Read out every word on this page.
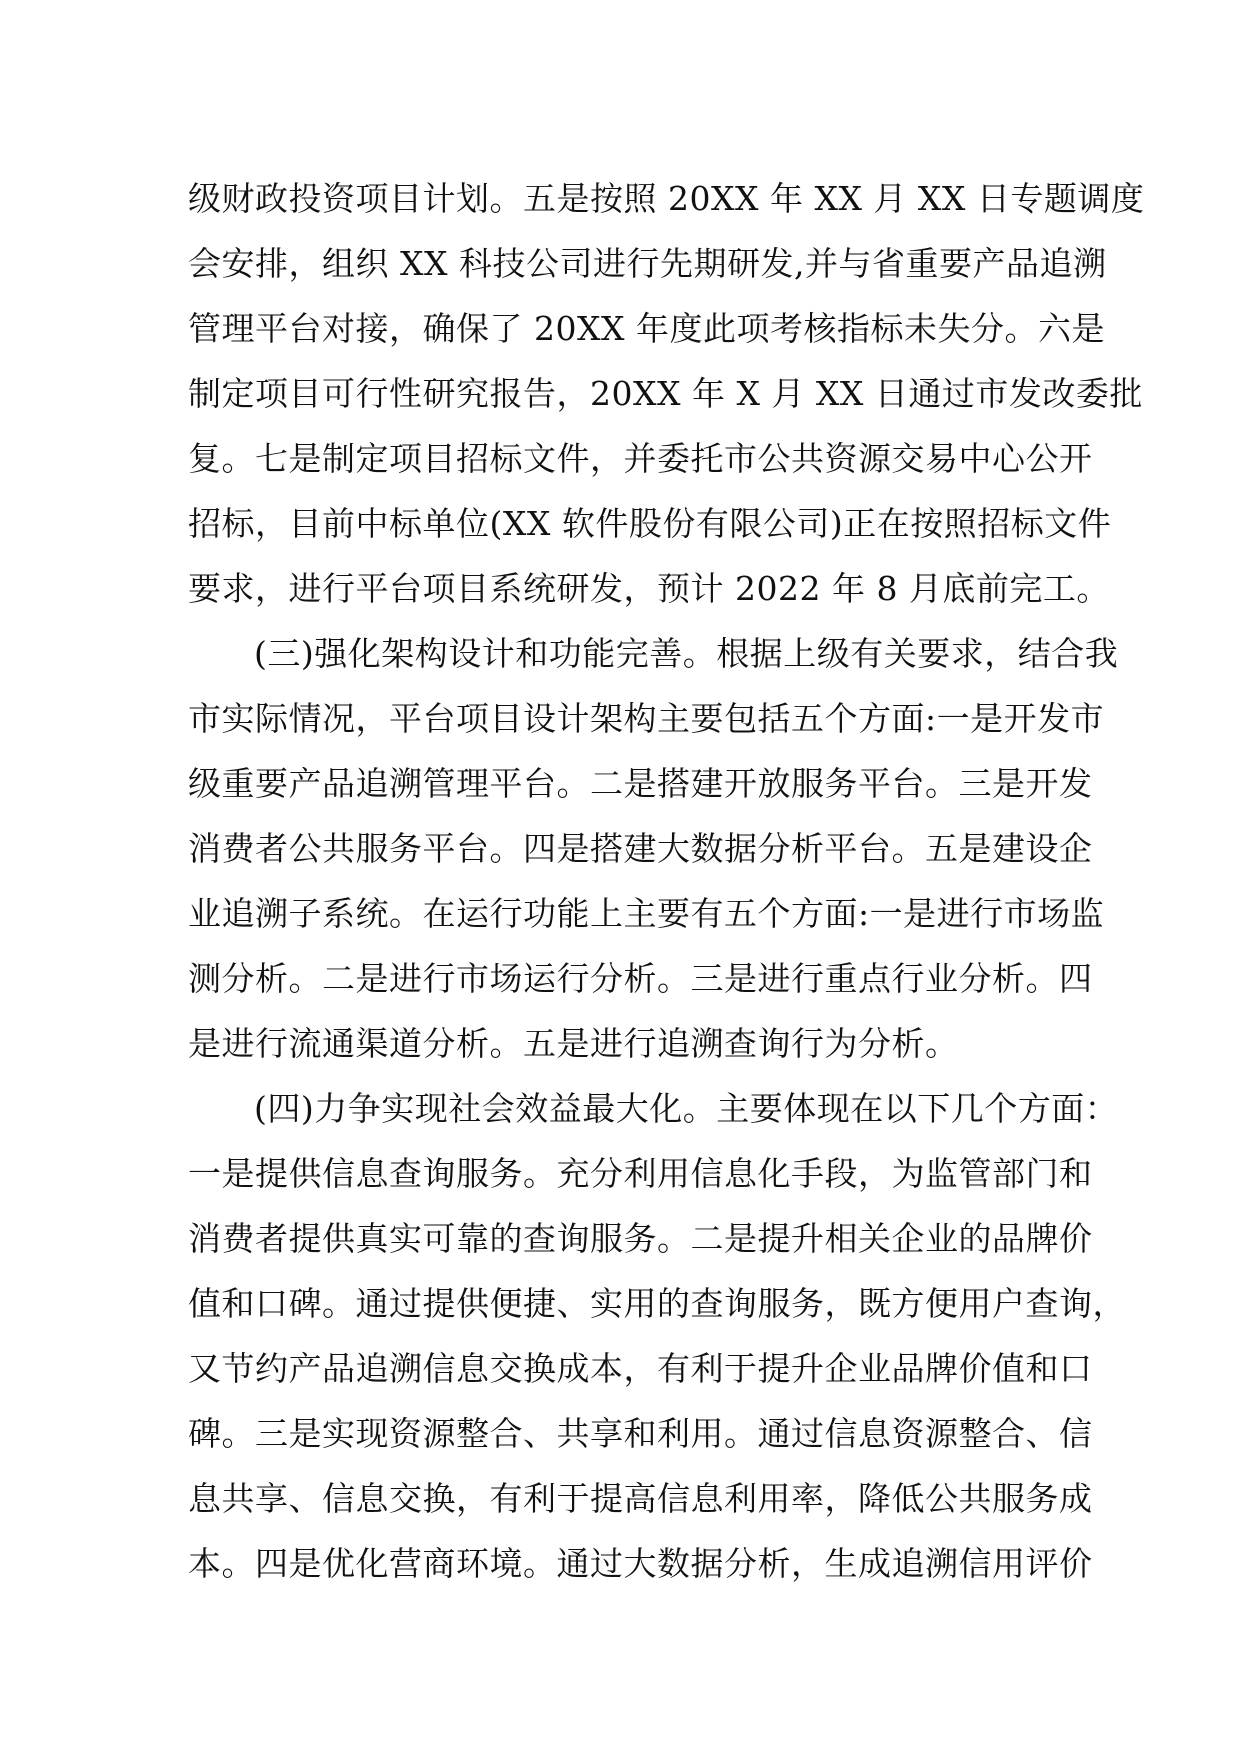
级财政投资项目计划。五是按照 20XX 年 XX 月 XX 日专题调度
会安排，组织 XX 科技公司进行先期研发,并与省重要产品追溯
管理平台对接，确保了 20XX 年度此项考核指标未失分。六是
制定项目可行性研究报告，20XX 年 X 月 XX 日通过市发改委批
复。七是制定项目招标文件，并委托市公共资源交易中心公开
招标，目前中标单位(XX 软件股份有限公司)正在按照招标文件
要求，进行平台项目系统研发，预计 2022 年 8 月底前完工。
(三)强化架构设计和功能完善。根据上级有关要求，结合我
市实际情况，平台项目设计架构主要包括五个方面:一是开发市
级重要产品追溯管理平台。二是搭建开放服务平台。三是开发
消费者公共服务平台。四是搭建大数据分析平台。五是建设企
业追溯子系统。在运行功能上主要有五个方面:一是进行市场监
测分析。二是进行市场运行分析。三是进行重点行业分析。四
是进行流通渠道分析。五是进行追溯查询行为分析。
(四)力争实现社会效益最大化。主要体现在以下几个方面：
一是提供信息查询服务。充分利用信息化手段，为监管部门和
消费者提供真实可靠的查询服务。二是提升相关企业的品牌价
值和口碑。通过提供便捷、实用的查询服务，既方便用户查询，
又节约产品追溯信息交换成本，有利于提升企业品牌价值和口
碑。三是实现资源整合、共享和利用。通过信息资源整合、信
息共享、信息交换，有利于提高信息利用率，降低公共服务成
本。四是优化营商环境。通过大数据分析，生成追溯信用评价
